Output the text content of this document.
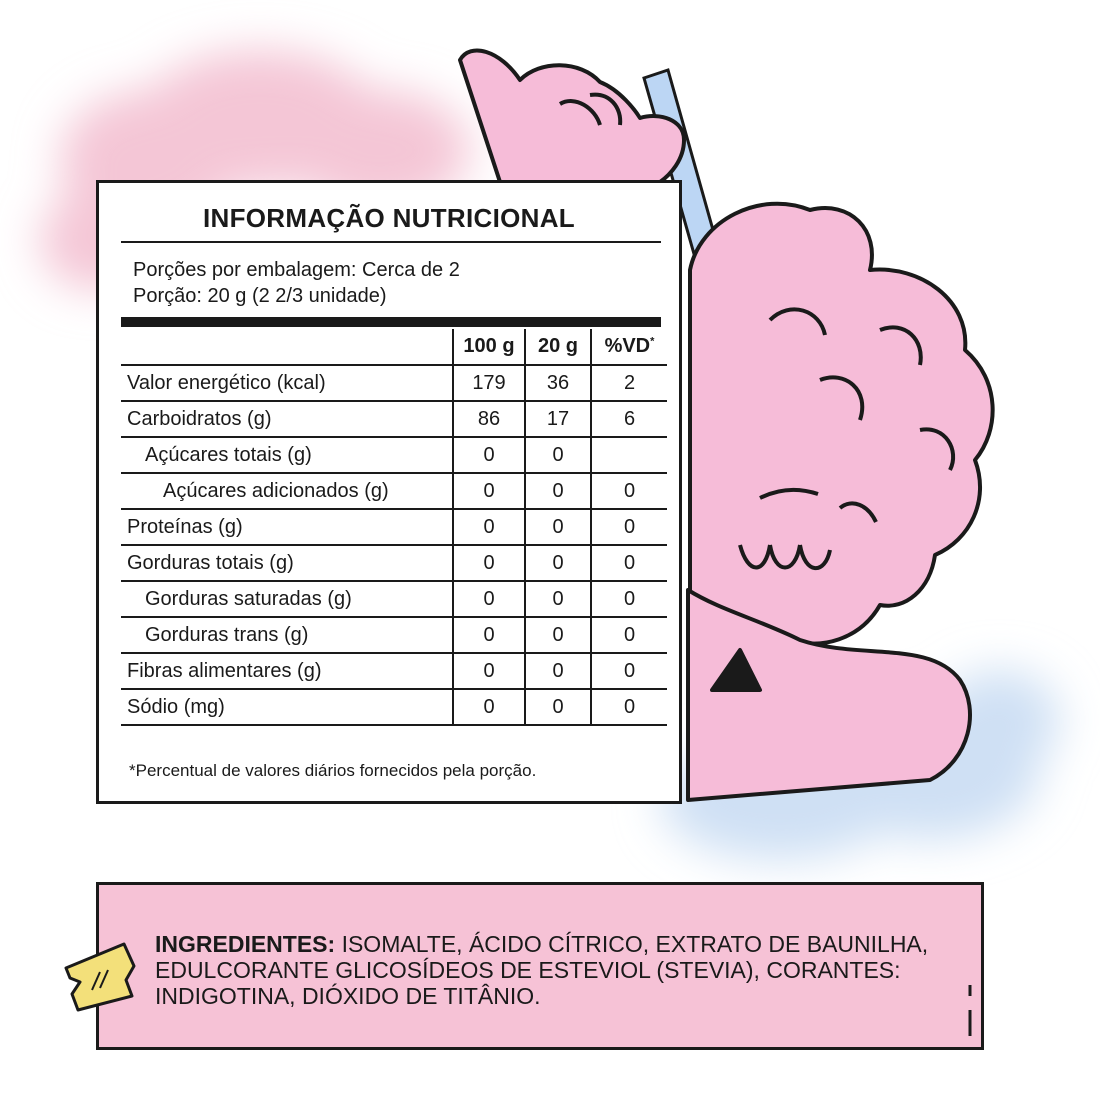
INFORMAÇÃO NUTRICIONAL
Porções por embalagem: Cerca de 2
Porção: 20 g (2 2/3 unidade)
	100 g	20 g	%VD*
Valor energético (kcal)	179	36	2
Carboidratos (g)	86	17	6
Açúcares totais (g)	0	0	
Açúcares adicionados (g)	0	0	0
Proteínas (g)	0	0	0
Gorduras totais (g)	0	0	0
Gorduras saturadas (g)	0	0	0
Gorduras trans (g)	0	0	0
Fibras alimentares (g)	0	0	0
Sódio (mg)	0	0	0
*Percentual de valores diários fornecidos pela porção.
INGREDIENTES: ISOMALTE, ÁCIDO CÍTRICO, EXTRATO DE BAUNILHA, EDULCORANTE GLICOSÍDEOS DE ESTEVIOL (STEVIA), CORANTES: INDIGOTINA, DIÓXIDO DE TITÂNIO.
